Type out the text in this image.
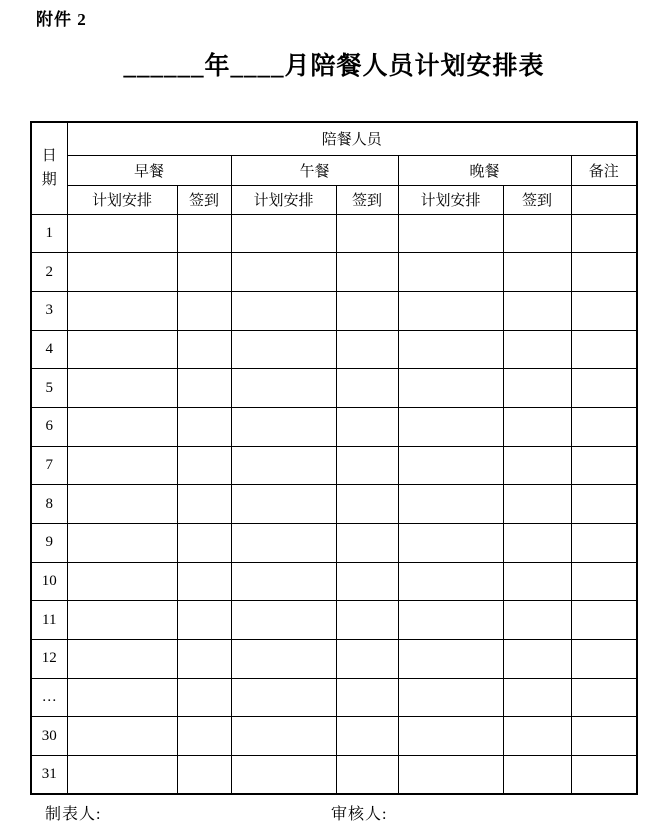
附件 2
______年____月陪餐人员计划安排表
日期	陪餐人员						
	早餐		午餐		晚餐		备注
	计划安排	签到	计划安排	签到	计划安排	签到	
1							
2							
3							
4							
5							
6							
7							
8							
9							
10							
11							
12							
…							
30							
31							
制表人:	审核人:
